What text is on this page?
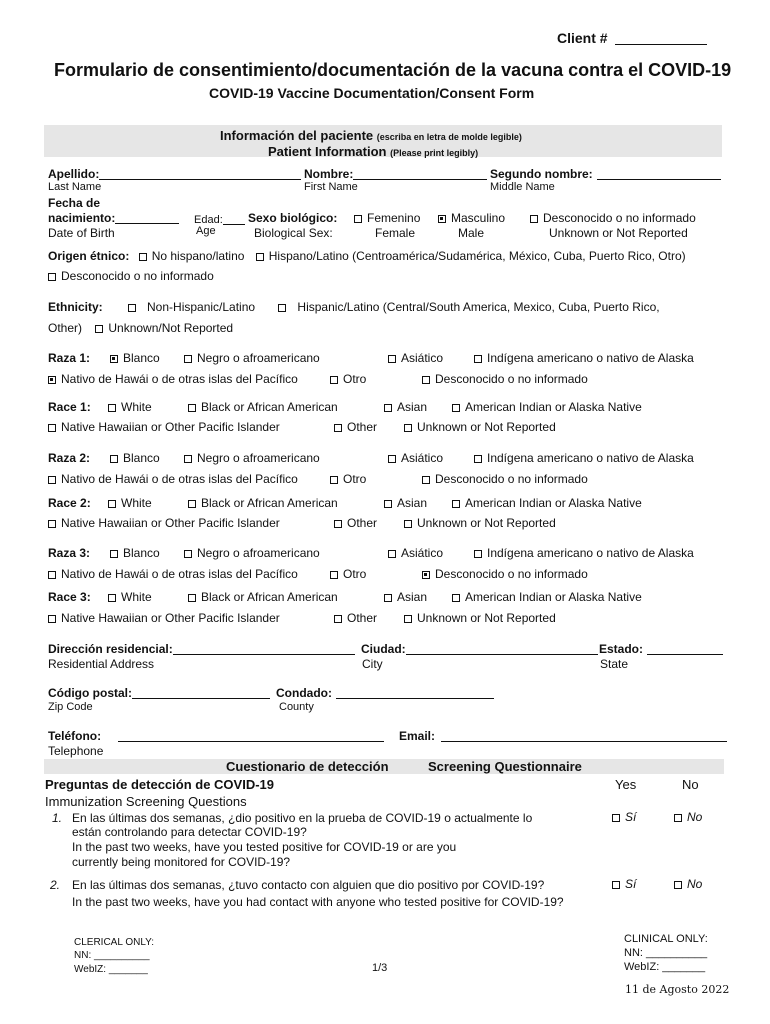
Client #
Formulario de consentimiento/documentación de la vacuna contra el COVID-19
COVID-19 Vaccine Documentation/Consent Form
Información del paciente (escriba en letra de molde legible)
Patient Information (Please print legibly)
Apellido:
Last Name
Nombre:
First Name
Segundo nombre:
Middle Name
Fecha de
nacimiento:
Date of Birth
Edad:
Age
Sexo biológico:
Biological Sex:
Femenino
Female
Masculino
Male
Desconocido o no informado
Unknown or Not Reported
Origen étnico: No hispano/latino Hispano/Latino (Centroamérica/Sudamérica, México, Cuba, Puerto Rico, Otro)
Desconocido o no informado
Ethnicity:	Non-Hispanic/Latino	Hispanic/Latino (Central/South America, Mexico, Cuba, Puerto Rico,
Other) Unknown/Not Reported
Raza 1:	Blanco	Negro o afroamericano	Asiático	Indígena americano o nativo de Alaska
Nativo de Hawái o de otras islas del Pacífico	Otro	Desconocido o no informado
Race 1:	White	Black or African American	Asian	American Indian or Alaska Native
Native Hawaiian or Other Pacific Islander	Other	Unknown or Not Reported
Raza 2:	Blanco	Negro o afroamericano	Asiático	Indígena americano o nativo de Alaska
Nativo de Hawái o de otras islas del Pacífico	Otro	Desconocido o no informado
Race 2:	White	Black or African American	Asian	American Indian or Alaska Native
Native Hawaiian or Other Pacific Islander	Other	Unknown or Not Reported
Raza 3:	Blanco	Negro o afroamericano	Asiático	Indígena americano o nativo de Alaska
Nativo de Hawái o de otras islas del Pacífico	Otro	Desconocido o no informado
Race 3:	White	Black or African American	Asian	American Indian or Alaska Native
Native Hawaiian or Other Pacific Islander	Other	Unknown or Not Reported
Dirección residencial:
Residential Address
Ciudad:
City
Estado:
State
Código postal:
Zip Code
Condado:
County
Teléfono:
Telephone
Email:
Cuestionario de detección	Screening Questionnaire
Preguntas de detección de COVID-19
Immunization Screening Questions
Yes	No
1. En las últimas dos semanas, ¿dio positivo en la prueba de COVID-19 o actualmente lo
están controlando para detectar COVID-19?
In the past two weeks, have you tested positive for COVID-19 or are you
currently being monitored for COVID-19?
Sí	No
2. En las últimas dos semanas, ¿tuvo contacto con alguien que dio positivo por COVID-19?
In the past two weeks, have you had contact with anyone who tested positive for COVID-19?
Sí	No
CLERICAL ONLY:
NN: __________
WebIZ: _______	1/3
CLINICAL ONLY:
NN: __________
WebIZ: _______
11 de Agosto 2022
